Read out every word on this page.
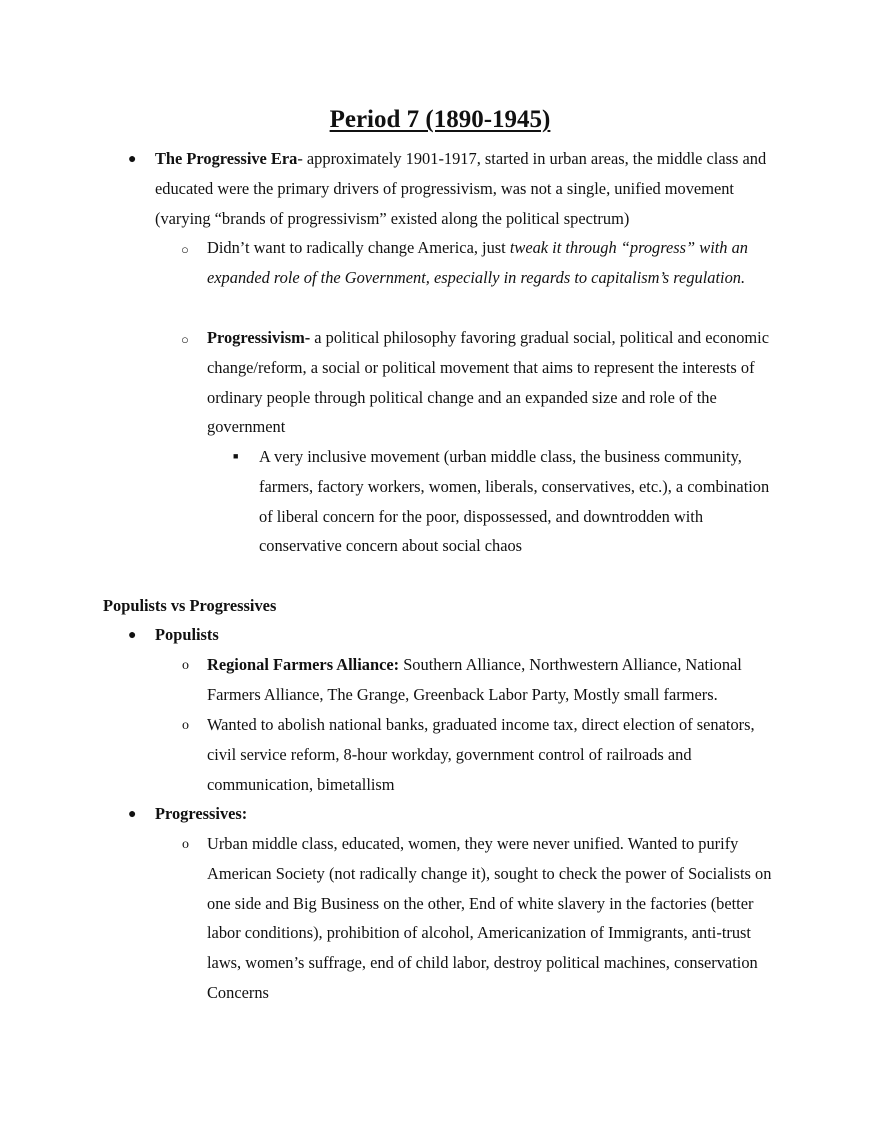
Period 7 (1890-1945)
● The Progressive Era- approximately 1901-1917, started in urban areas, the middle class and educated were the primary drivers of progressivism, was not a single, unified movement (varying “brands of progressivism” existed along the political spectrum)
○ Didn’t want to radically change America, just tweak it through “progress” with an expanded role of the Government, especially in regards to capitalism’s regulation.
○ Progressivism- a political philosophy favoring gradual social, political and economic change/reform, a social or political movement that aims to represent the interests of ordinary people through political change and an expanded size and role of the government
■ A very inclusive movement (urban middle class, the business community, farmers, factory workers, women, liberals, conservatives, etc.), a combination of liberal concern for the poor, dispossessed, and downtrodden with conservative concern about social chaos
Populists vs Progressives
● Populists
o Regional Farmers Alliance: Southern Alliance, Northwestern Alliance, National Farmers Alliance, The Grange, Greenback Labor Party, Mostly small farmers.
o Wanted to abolish national banks, graduated income tax, direct election of senators, civil service reform, 8-hour workday, government control of railroads and communication, bimetallism
● Progressives:
o Urban middle class, educated, women, they were never unified. Wanted to purify American Society (not radically change it), sought to check the power of Socialists on one side and Big Business on the other, End of white slavery in the factories (better labor conditions), prohibition of alcohol, Americanization of Immigrants, anti-trust laws, women’s suffrage, end of child labor, destroy political machines, conservation Concerns
